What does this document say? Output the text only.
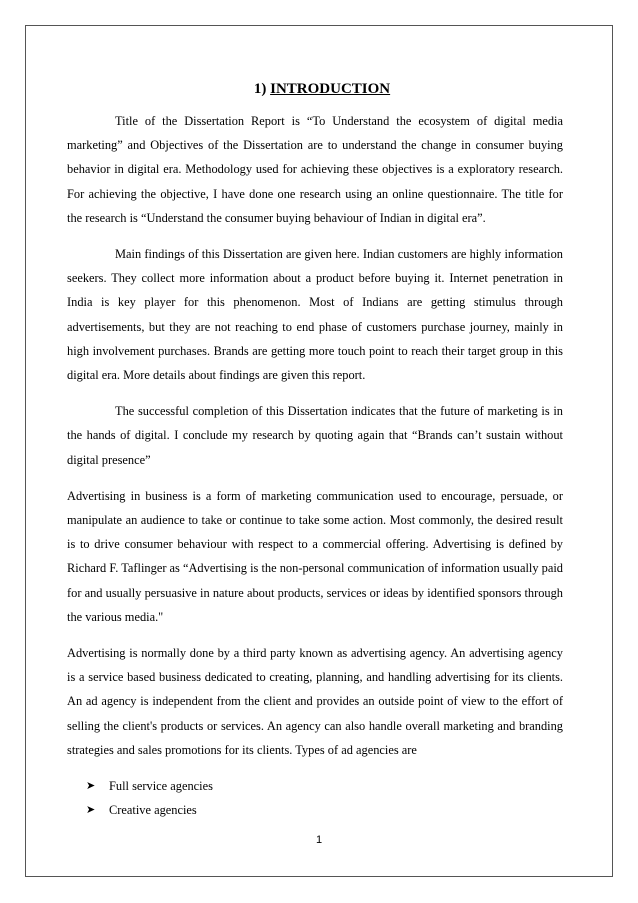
1) INTRODUCTION

Title of the Dissertation Report is “To Understand the ecosystem of digital media marketing” and Objectives of the Dissertation are to understand the change in consumer buying behavior in digital era. Methodology used for achieving these objectives is a exploratory research. For achieving the objective, I have done one research using an online questionnaire. The title for the research is “Understand the consumer buying behaviour of Indian in digital era”.

Main findings of this Dissertation are given here. Indian customers are highly information seekers. They collect more information about a product before buying it. Internet penetration in India is key player for this phenomenon. Most of Indians are getting stimulus through advertisements, but they are not reaching to end phase of customers purchase journey, mainly in high involvement purchases. Brands are getting more touch point to reach their target group in this digital era. More details about findings are given this report.

The successful completion of this Dissertation indicates that the future of marketing is in the hands of digital. I conclude my research by quoting again that “Brands can’t sustain without digital presence”

Advertising in business is a form of marketing communication used to encourage, persuade, or manipulate an audience to take or continue to take some action. Most commonly, the desired result is to drive consumer behaviour with respect to a commercial offering. Advertising is defined by Richard F. Taflinger as “Advertising is the non-personal communication of information usually paid for and usually persuasive in nature about products, services or ideas by identified sponsors through the various media."

Advertising is normally done by a third party known as advertising agency. An advertising agency is a service based business dedicated to creating, planning, and handling advertising for its clients. An ad agency is independent from the client and provides an outside point of view to the effort of selling the client's products or services. An agency can also handle overall marketing and branding strategies and sales promotions for its clients. Types of ad agencies are

➤ Full service agencies
➤ Creative agencies
1
